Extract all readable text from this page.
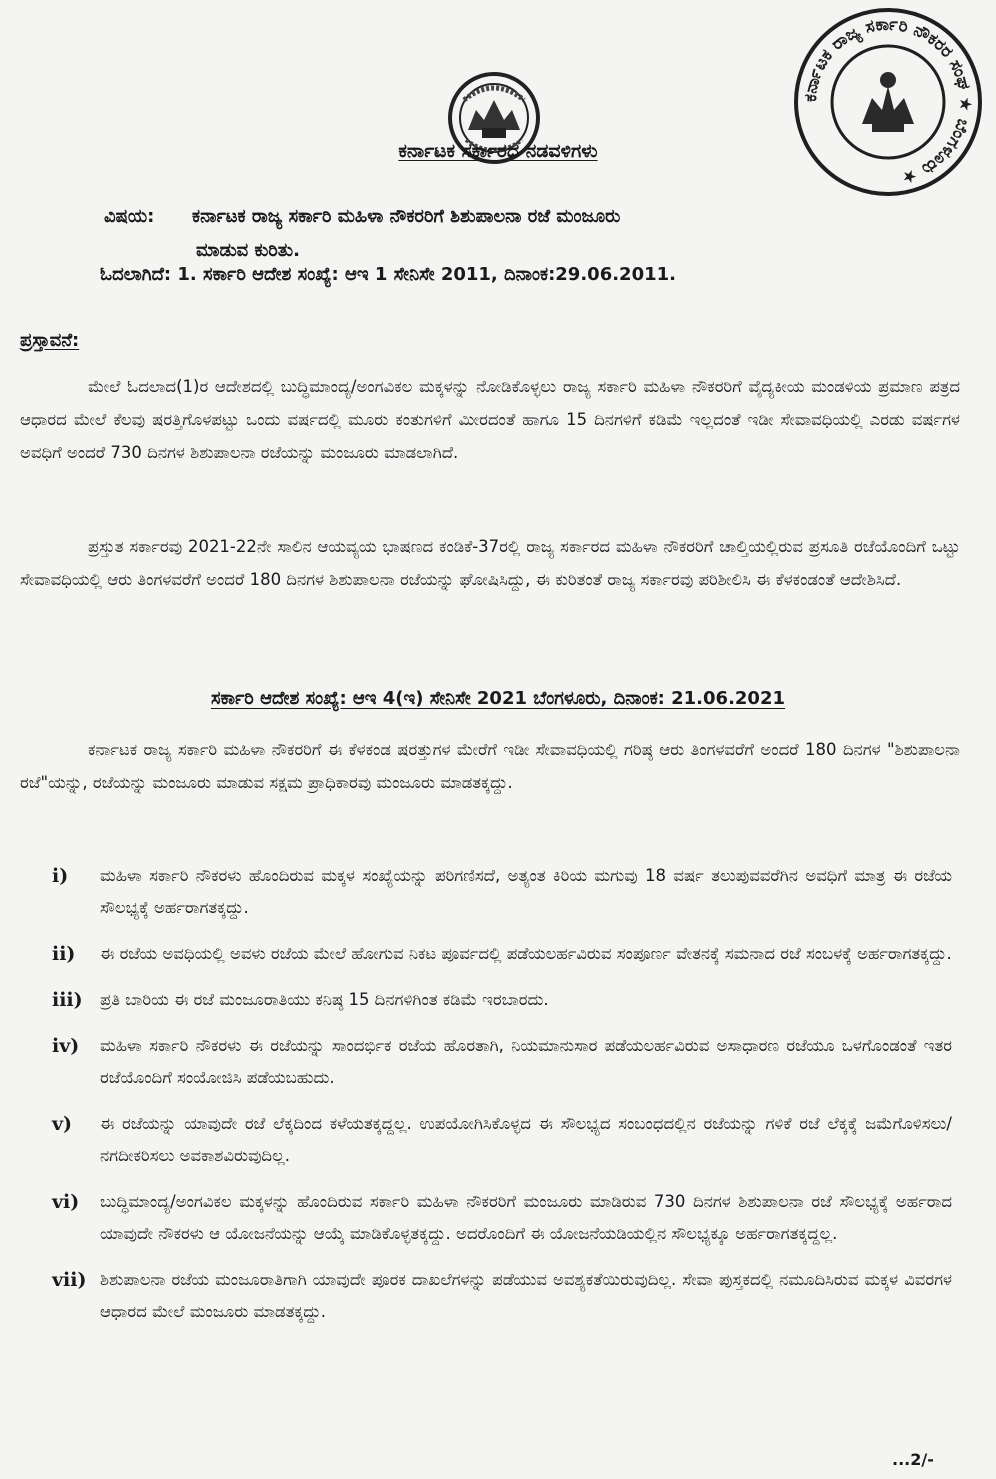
ಕರ್ನಾಟಕ ರಾಜ್ಯ ಸರ್ಕಾರಿ ನೌಕರರ ಸಂಘ ★ ಬೆಂಗಳೂರು ★
ಕರ್ನಾಟಕ ಸರ್ಕಾರದ ನಡವಳಿಗಳು
ವಿಷಯ: ಕರ್ನಾಟಕ ರಾಜ್ಯ ಸರ್ಕಾರಿ ಮಹಿಳಾ ನೌಕರರಿಗೆ ಶಿಶುಪಾಲನಾ ರಜೆ ಮಂಜೂರು
ಮಾಡುವ ಕುರಿತು.
ಓದಲಾಗಿದೆ: 1. ಸರ್ಕಾರಿ ಆದೇಶ ಸಂಖ್ಯೆ: ಆಇ 1 ಸೇನಿಸೇ 2011, ದಿನಾಂಕ:29.06.2011.
ಪ್ರಸ್ತಾವನೆ:
ಮೇಲೆ ಓದಲಾದ(1)ರ ಆದೇಶದಲ್ಲಿ ಬುದ್ಧಿಮಾಂದ್ಯ/ಅಂಗವಿಕಲ ಮಕ್ಕಳನ್ನು ನೋಡಿಕೊಳ್ಳಲು ರಾಜ್ಯ ಸರ್ಕಾರಿ ಮಹಿಳಾ ನೌಕರರಿಗೆ ವೈದ್ಯಕೀಯ ಮಂಡಳಿಯ ಪ್ರಮಾಣ ಪತ್ರದ ಆಧಾರದ ಮೇಲೆ ಕೆಲವು ಷರತ್ತಿಗೊಳಪಟ್ಟು ಒಂದು ವರ್ಷದಲ್ಲಿ ಮೂರು ಕಂತುಗಳಿಗೆ ಮೀರದಂತೆ ಹಾಗೂ 15 ದಿನಗಳಿಗೆ ಕಡಿಮೆ ಇಲ್ಲದಂತೆ ಇಡೀ ಸೇವಾವಧಿಯಲ್ಲಿ ಎರಡು ವರ್ಷಗಳ ಅವಧಿಗೆ ಅಂದರೆ 730 ದಿನಗಳ ಶಿಶುಪಾಲನಾ ರಜೆಯನ್ನು ಮಂಜೂರು ಮಾಡಲಾಗಿದೆ.
ಪ್ರಸ್ತುತ ಸರ್ಕಾರವು 2021-22ನೇ ಸಾಲಿನ ಆಯವ್ಯಯ ಭಾಷಣದ ಕಂಡಿಕೆ-37ರಲ್ಲಿ ರಾಜ್ಯ ಸರ್ಕಾರದ ಮಹಿಳಾ ನೌಕರರಿಗೆ ಚಾಲ್ತಿಯಲ್ಲಿರುವ ಪ್ರಸೂತಿ ರಜೆಯೊಂದಿಗೆ ಒಟ್ಟು ಸೇವಾವಧಿಯಲ್ಲಿ ಆರು ತಿಂಗಳವರೆಗೆ ಅಂದರೆ 180 ದಿನಗಳ ಶಿಶುಪಾಲನಾ ರಜೆಯನ್ನು ಘೋಷಿಸಿದ್ದು, ಈ ಕುರಿತಂತೆ ರಾಜ್ಯ ಸರ್ಕಾರವು ಪರಿಶೀಲಿಸಿ ಈ ಕೆಳಕಂಡಂತೆ ಆದೇಶಿಸಿದೆ.
ಸರ್ಕಾರಿ ಆದೇಶ ಸಂಖ್ಯೆ: ಆಇ 4(ಇ) ಸೇನಿಸೇ 2021 ಬೆಂಗಳೂರು, ದಿನಾಂಕ: 21.06.2021
ಕರ್ನಾಟಕ ರಾಜ್ಯ ಸರ್ಕಾರಿ ಮಹಿಳಾ ನೌಕರರಿಗೆ ಈ ಕೆಳಕಂಡ ಷರತ್ತುಗಳ ಮೇರೆಗೆ ಇಡೀ ಸೇವಾವಧಿಯಲ್ಲಿ ಗರಿಷ್ಠ ಆರು ತಿಂಗಳವರೆಗೆ ಅಂದರೆ 180 ದಿನಗಳ "ಶಿಶುಪಾಲನಾ ರಜೆ"ಯನ್ನು, ರಜೆಯನ್ನು ಮಂಜೂರು ಮಾಡುವ ಸಕ್ಷಮ ಪ್ರಾಧಿಕಾರವು ಮಂಜೂರು ಮಾಡತಕ್ಕದ್ದು.
i)	ಮಹಿಳಾ ಸರ್ಕಾರಿ ನೌಕರಳು ಹೊಂದಿರುವ ಮಕ್ಕಳ ಸಂಖ್ಯೆಯನ್ನು ಪರಿಗಣಿಸದೆ, ಅತ್ಯಂತ ಕಿರಿಯ ಮಗುವು 18 ವರ್ಷ ತಲುಪುವವರೆಗಿನ ಅವಧಿಗೆ ಮಾತ್ರ ಈ ರಜೆಯ ಸೌಲಭ್ಯಕ್ಕೆ ಅರ್ಹರಾಗತಕ್ಕದ್ದು.
ii)	ಈ ರಜೆಯ ಅವಧಿಯಲ್ಲಿ ಅವಳು ರಜೆಯ ಮೇಲೆ ಹೋಗುವ ನಿಕಟ ಪೂರ್ವದಲ್ಲಿ ಪಡೆಯಲರ್ಹವಿರುವ ಸಂಪೂರ್ಣ ವೇತನಕ್ಕೆ ಸಮನಾದ ರಜೆ ಸಂಬಳಕ್ಕೆ ಅರ್ಹರಾಗತಕ್ಕದ್ದು.
iii)	ಪ್ರತಿ ಬಾರಿಯ ಈ ರಜೆ ಮಂಜೂರಾತಿಯು ಕನಿಷ್ಠ 15 ದಿನಗಳಿಗಿಂತ ಕಡಿಮೆ ಇರಬಾರದು.
iv)	ಮಹಿಳಾ ಸರ್ಕಾರಿ ನೌಕರಳು ಈ ರಜೆಯನ್ನು ಸಾಂದರ್ಭಿಕ ರಜೆಯ ಹೊರತಾಗಿ, ನಿಯಮಾನುಸಾರ ಪಡೆಯಲರ್ಹವಿರುವ ಅಸಾಧಾರಣ ರಜೆಯೂ ಒಳಗೊಂಡಂತೆ ಇತರ ರಜೆಯೊಂದಿಗೆ ಸಂಯೋಜಿಸಿ ಪಡೆಯಬಹುದು.
v)	ಈ ರಜೆಯನ್ನು ಯಾವುದೇ ರಜೆ ಲೆಕ್ಕದಿಂದ ಕಳೆಯತಕ್ಕದ್ದಲ್ಲ. ಉಪಯೋಗಿಸಿಕೊಳ್ಳದ ಈ ಸೌಲಭ್ಯದ ಸಂಬಂಧದಲ್ಲಿನ ರಜೆಯನ್ನು ಗಳಿಕೆ ರಜೆ ಲೆಕ್ಕಕ್ಕೆ ಜಮೆಗೊಳಿಸಲು/ನಗದೀಕರಿಸಲು ಅವಕಾಶವಿರುವುದಿಲ್ಲ.
vi)	ಬುದ್ಧಿಮಾಂದ್ಯ/ಅಂಗವಿಕಲ ಮಕ್ಕಳನ್ನು ಹೊಂದಿರುವ ಸರ್ಕಾರಿ ಮಹಿಳಾ ನೌಕರರಿಗೆ ಮಂಜೂರು ಮಾಡಿರುವ 730 ದಿನಗಳ ಶಿಶುಪಾಲನಾ ರಜೆ ಸೌಲಭ್ಯಕ್ಕೆ ಅರ್ಹರಾದ ಯಾವುದೇ ನೌಕರಳು ಆ ಯೋಜನೆಯನ್ನು ಆಯ್ಕೆ ಮಾಡಿಕೊಳ್ಳತಕ್ಕದ್ದು. ಅದರೊಂದಿಗೆ ಈ ಯೋಜನೆಯಡಿಯಲ್ಲಿನ ಸೌಲಭ್ಯಕ್ಕೂ ಅರ್ಹರಾಗತಕ್ಕದ್ದಲ್ಲ.
vii) ಶಿಶುಪಾಲನಾ ರಜೆಯ ಮಂಜೂರಾತಿಗಾಗಿ ಯಾವುದೇ ಪೂರಕ ದಾಖಲೆಗಳನ್ನು ಪಡೆಯುವ ಅವಶ್ಯಕತೆಯಿರುವುದಿಲ್ಲ. ಸೇವಾ ಪುಸ್ತಕದಲ್ಲಿ ನಮೂದಿಸಿರುವ ಮಕ್ಕಳ ವಿವರಗಳ ಆಧಾರದ ಮೇಲೆ ಮಂಜೂರು ಮಾಡತಕ್ಕದ್ದು.
...2/-
